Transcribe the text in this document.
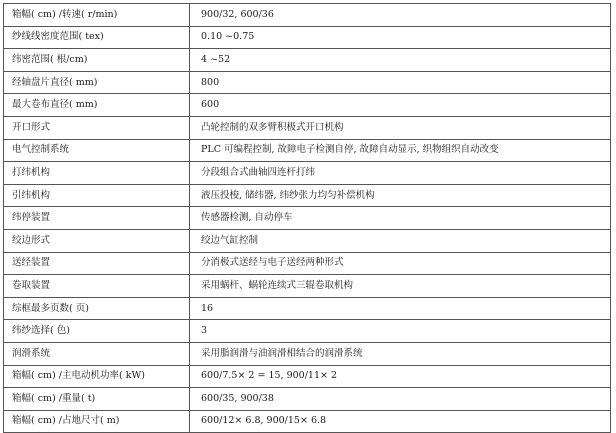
箱幅( cm) /转速( r/min)	900/32, 600/36
纱线线密度范围( tex)	0.10 ~0.75
纬密范围( 根/cm)	4 ~52
经轴盘片直径( mm)	800
最大卷布直径( mm)	600
开口形式	凸轮控制的双多臂积极式开口机构
电气控制系统	PLC 可编程控制, 故障电子检测自停, 故障自动显示, 织物组织自动改变
打纬机构	分段组合式曲轴四连杆打纬
引纬机构	液压投梭, 储纬器, 纬纱张力均匀补偿机构
纬停装置	传感器检测, 自动停车
绞边形式	绞边气缸控制
送经装置	分消极式送经与电子送经两种形式
卷取装置	采用蜗杆、蜗轮连续式三辊卷取机构
综框最多页数( 页)	16
纬纱选择( 色)	3
润滑系统	采用脂润滑与油润滑相结合的润滑系统
箱幅( cm) /主电动机功率( kW)	600/7.5× 2 = 15, 900/11× 2
箱幅( cm) /重量( t)	600/35, 900/38
箱幅( cm) /占地尺寸( m)	600/12× 6.8, 900/15× 6.8
